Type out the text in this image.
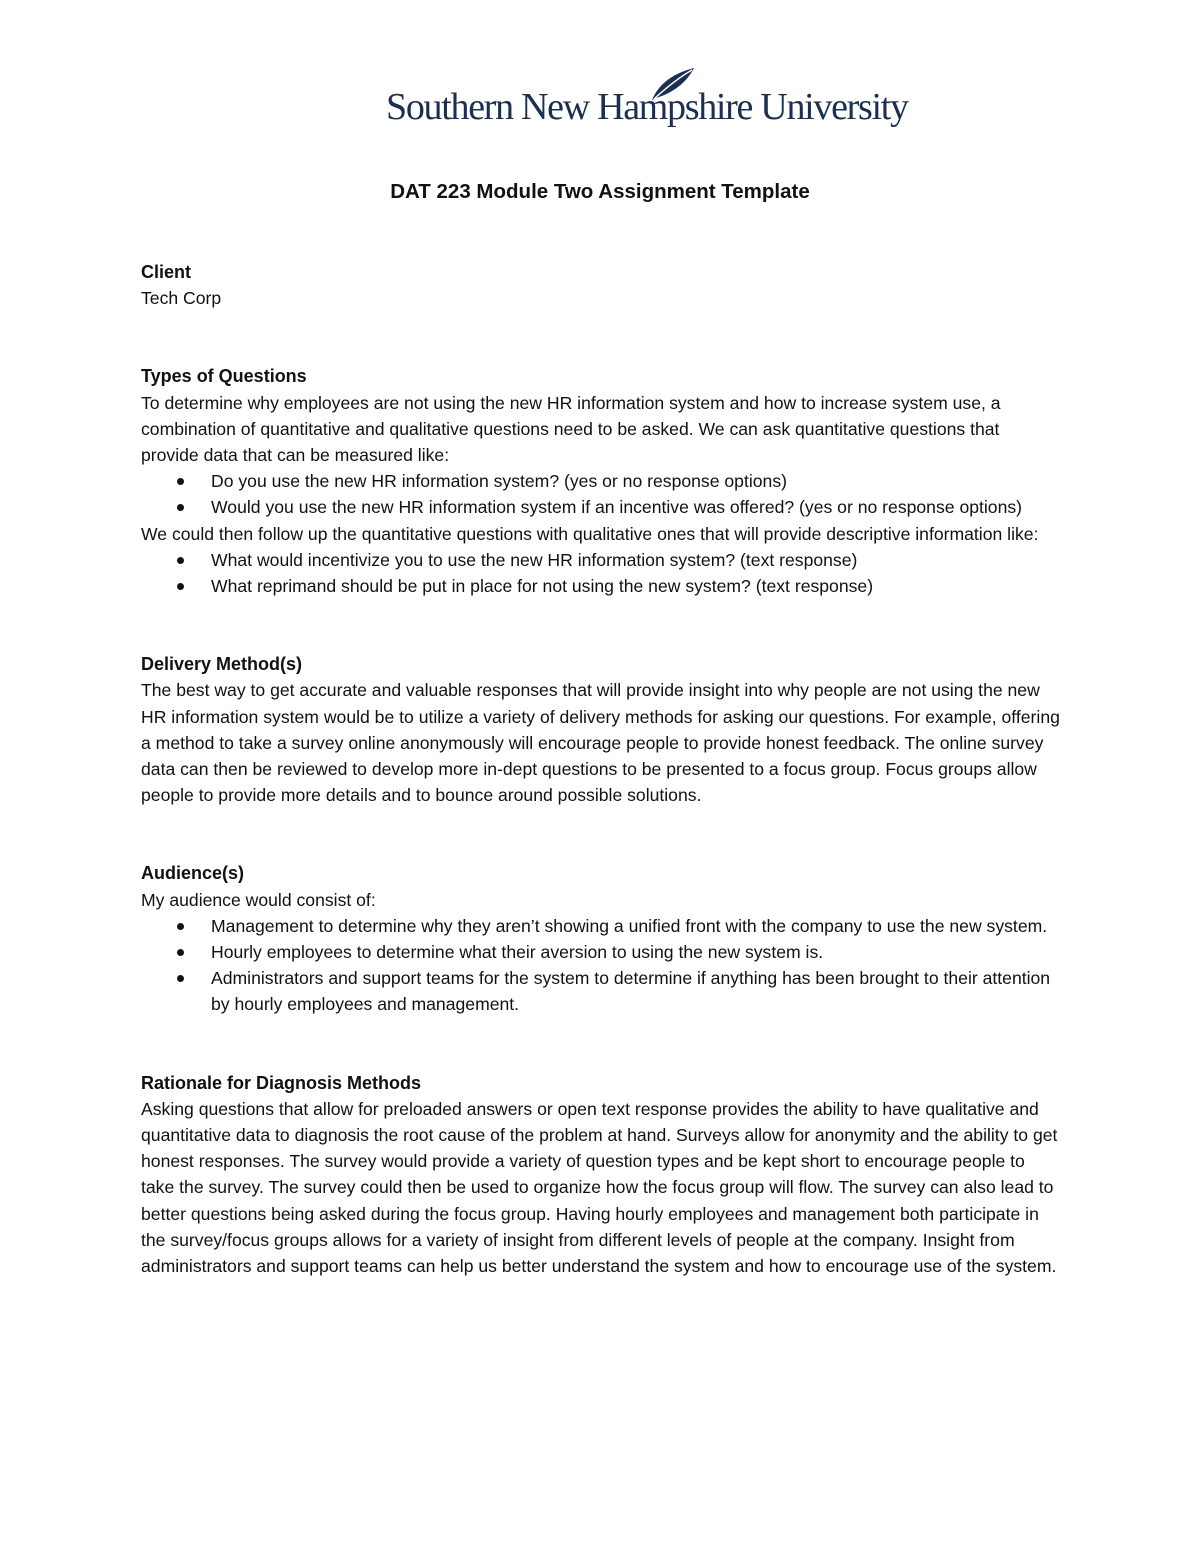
Southern New Hampshire University
DAT 223 Module Two Assignment Template

Client

Tech Corp

Types of Questions

To determine why employees are not using the new HR information system and how to increase system use, a combination of quantitative and qualitative questions need to be asked. We can ask quantitative questions that provide data that can be measured like:

Do you use the new HR information system? (yes or no response options)
Would you use the new HR information system if an incentive was offered? (yes or no response options)

We could then follow up the quantitative questions with qualitative ones that will provide descriptive information like:

What would incentivize you to use the new HR information system? (text response)
What reprimand should be put in place for not using the new system? (text response)

Delivery Method(s)

The best way to get accurate and valuable responses that will provide insight into why people are not using the new HR information system would be to utilize a variety of delivery methods for asking our questions. For example, offering a method to take a survey online anonymously will encourage people to provide honest feedback. The online survey data can then be reviewed to develop more in-dept questions to be presented to a focus group. Focus groups allow people to provide more details and to bounce around possible solutions.

Audience(s)

My audience would consist of:

Management to determine why they aren’t showing a unified front with the company to use the new system.
Hourly employees to determine what their aversion to using the new system is.
Administrators and support teams for the system to determine if anything has been brought to their attention by hourly employees and management.

Rationale for Diagnosis Methods

Asking questions that allow for preloaded answers or open text response provides the ability to have qualitative and quantitative data to diagnosis the root cause of the problem at hand. Surveys allow for anonymity and the ability to get honest responses. The survey would provide a variety of question types and be kept short to encourage people to take the survey. The survey could then be used to organize how the focus group will flow. The survey can also lead to better questions being asked during the focus group. Having hourly employees and management both participate in the survey/focus groups allows for a variety of insight from different levels of people at the company. Insight from administrators and support teams can help us better understand the system and how to encourage use of the system.
